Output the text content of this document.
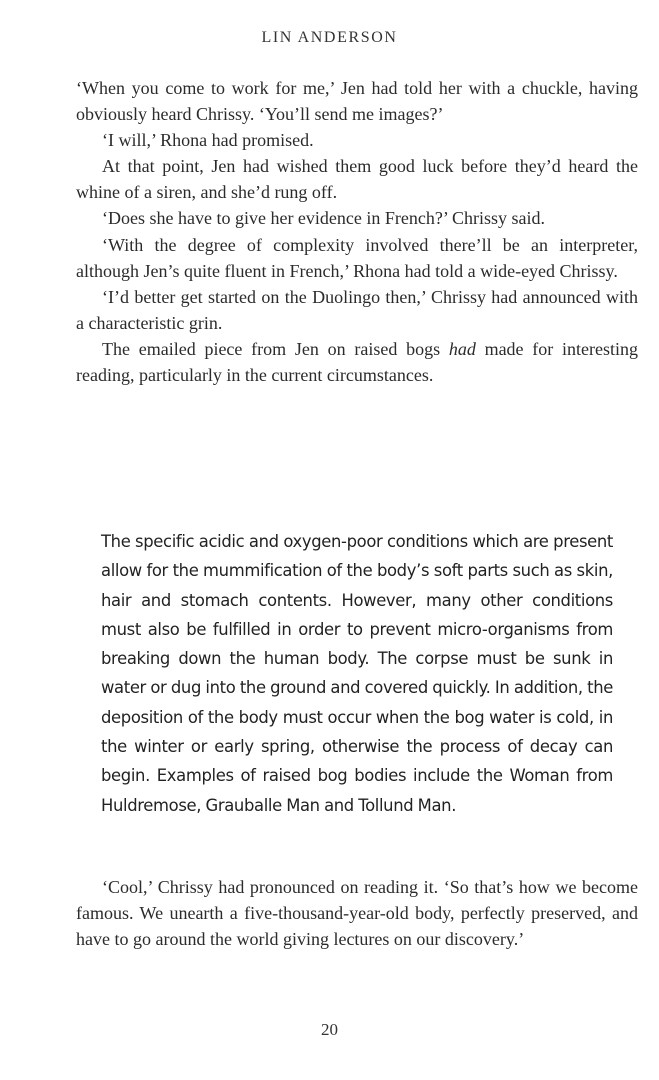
LIN ANDERSON

‘When you come to work for me,’ Jen had told her with a chuckle, having obviously heard Chrissy. ‘You’ll send me images?’

‘I will,’ Rhona had promised.

At that point, Jen had wished them good luck before they’d heard the whine of a siren, and she’d rung off.

‘Does she have to give her evidence in French?’ Chrissy said.

‘With the degree of complexity involved there’ll be an interpreter, although Jen’s quite fluent in French,’ Rhona had told a wide-eyed Chrissy.

‘I’d better get started on the Duolingo then,’ Chrissy had announced with a characteristic grin.

The emailed piece from Jen on raised bogs had made for interesting reading, particularly in the current circumstances.

The specific acidic and oxygen-poor conditions which are present allow for the mummification of the body’s soft parts such as skin, hair and stomach contents. However, many other conditions must also be fulfilled in order to prevent micro-organisms from breaking down the human body. The corpse must be sunk in water or dug into the ground and covered quickly. In addition, the deposition of the body must occur when the bog water is cold, in the winter or early spring, otherwise the process of decay can begin. Examples of raised bog bodies include the Woman from Huldremose, Grauballe Man and Tollund Man.

‘Cool,’ Chrissy had pronounced on reading it. ‘So that’s how we become famous. We unearth a five-thousand-year-old body, perfectly preserved, and have to go around the world giving lectures on our discovery.’

20
